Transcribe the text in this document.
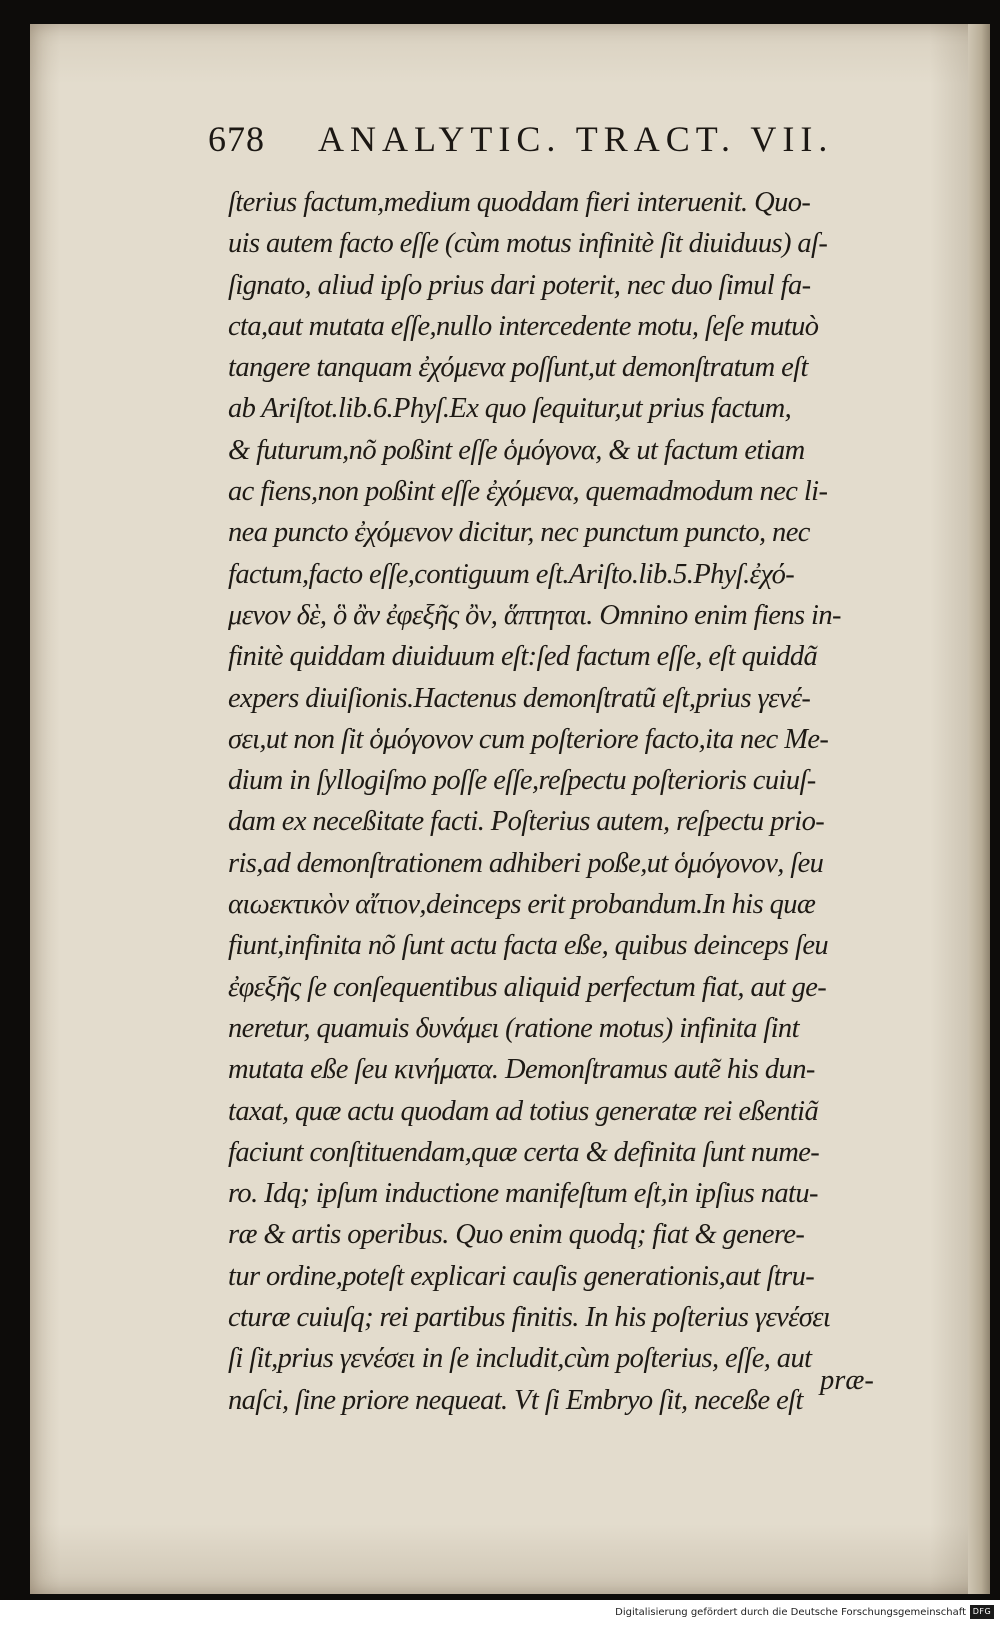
678 ANALYTIC. TRACT. VII.
ſterius factum,medium quoddam fieri interuenit. Quo-
uis autem facto eſſe (cùm motus infinitè ſit diuiduus) aſ-
ſignato, aliud ipſo prius dari poterit, nec duo ſimul fa-
cta,aut mutata eſſe,nullo intercedente motu, ſeſe mutuò
tangere tanquam ἐχόμενα poſſunt,ut demonſtratum eſt
ab Ariſtot.lib.6.Phyſ.Ex quo ſequitur,ut prius factum,
& futurum,nõ poßint eſſe ὁμόγονα, & ut factum etiam
ac fiens,non poßint eſſe ἐχόμενα, quemadmodum nec li-
nea puncto ἐχόμενον dicitur, nec punctum puncto, nec
factum,facto eſſe,contiguum eſt.Ariſto.lib.5.Phyſ.ἐχό-
μενον δὲ, ὃ ἂν ἐφεξῆς ὂν, ἅπτηται. Omnino enim fiens in-
finitè quiddam diuiduum eſt:ſed factum eſſe, eſt quiddã
expers diuiſionis.Hactenus demonſtratũ eſt,prius γενέ-
σει,ut non ſit ὁμόγονον cum poſteriore facto,ita nec Me-
dium in ſyllogiſmo poſſe eſſe,reſpectu poſterioris cuiuſ-
dam ex neceßitate facti. Poſterius autem, reſpectu prio-
ris,ad demonſtrationem adhiberi poße,ut ὁμόγονον, ſeu
αιωεκτικὸν αἴτιον,deinceps erit probandum.In his quæ
fiunt,infinita nõ ſunt actu facta eße, quibus deinceps ſeu
ἐφεξῆς ſe conſequentibus aliquid perfectum fiat, aut ge-
neretur, quamuis δυνάμει (ratione motus) infinita ſint
mutata eße ſeu κινήματα. Demonſtramus autẽ his dun-
taxat, quæ actu quodam ad totius generatæ rei eßentiã
faciunt conſtituendam,quæ certa & definita ſunt nume-
ro. Idq; ipſum inductione manifeſtum eſt,in ipſius natu-
ræ & artis operibus. Quo enim quodq; fiat & genere-
tur ordine,poteſt explicari cauſis generationis,aut ſtru-
cturæ cuiuſq; rei partibus finitis. In his poſterius γενέσει
ſi ſit,prius γενέσει in ſe includit,cùm poſterius, eſſe, aut
naſci, ſine priore nequeat. Vt ſi Embryo ſit, neceße eſt
præ-
Digitalisierung gefördert durch die Deutsche Forschungsgemeinschaft DFG
